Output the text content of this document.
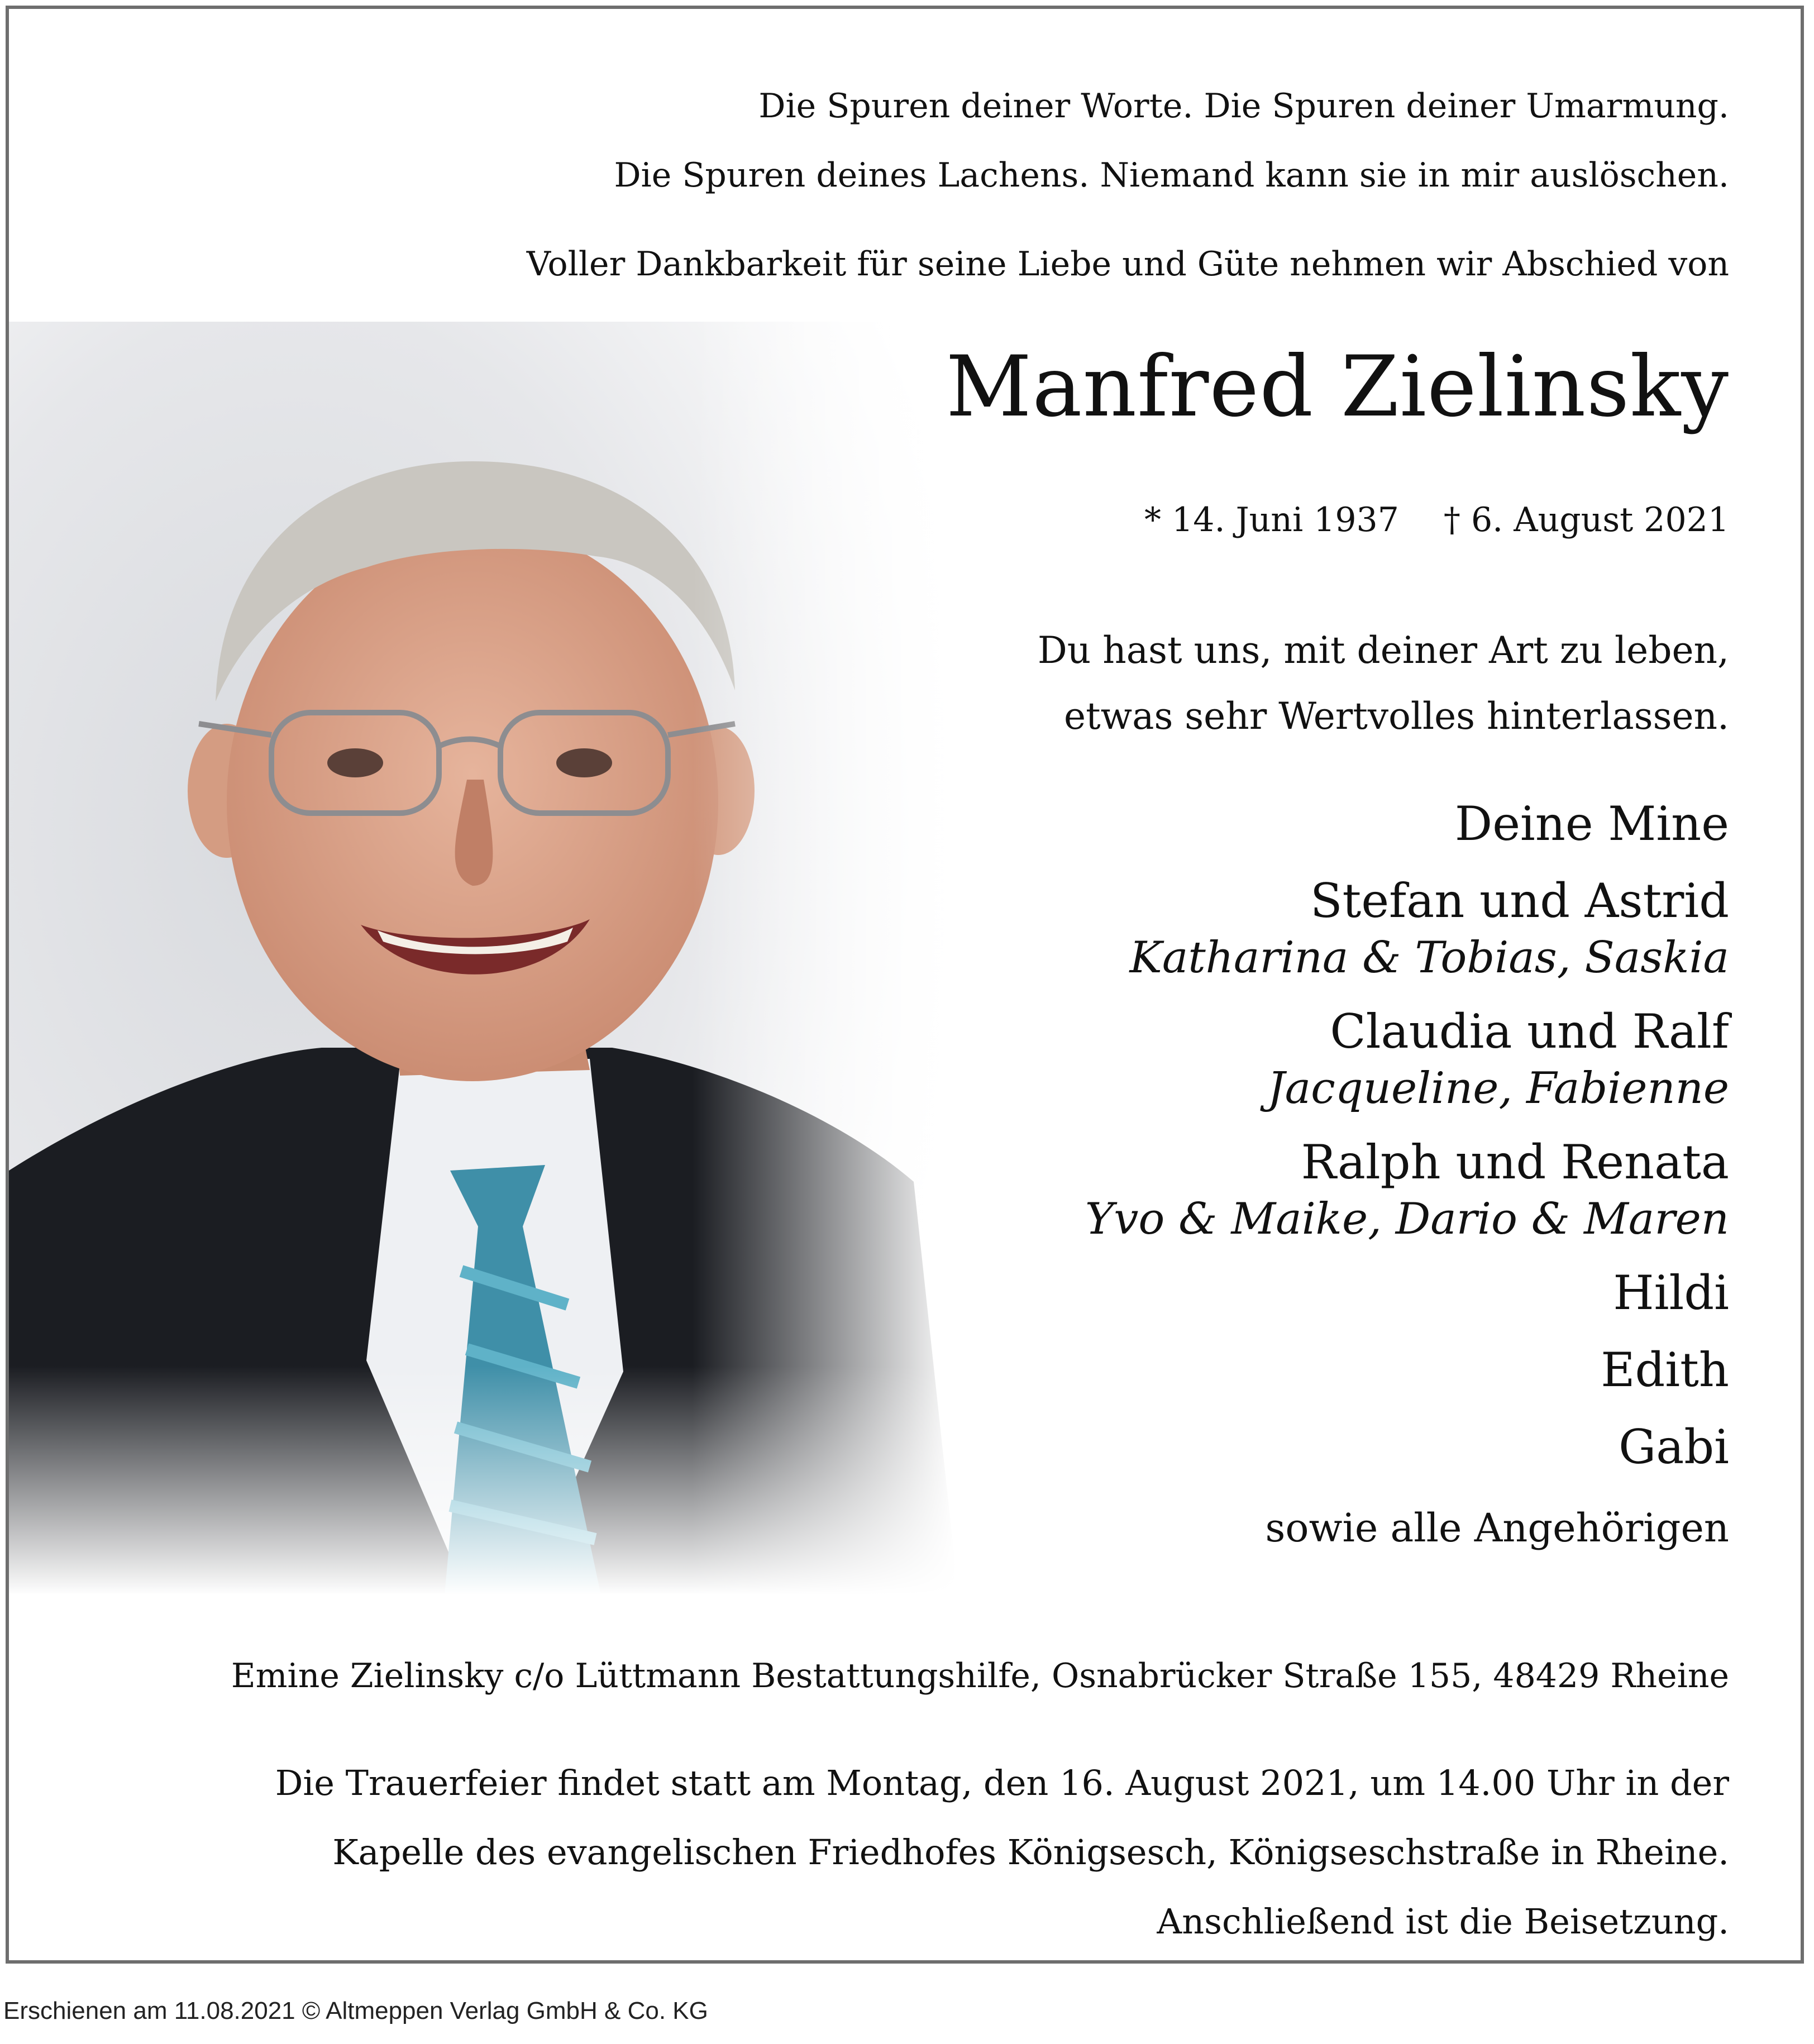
Die Spuren deiner Worte. Die Spuren deiner Umarmung.
Die Spuren deines Lachens. Niemand kann sie in mir auslöschen.
Voller Dankbarkeit für seine Liebe und Güte nehmen wir Abschied von
Manfred Zielinsky
* 14. Juni 1937 † 6. August 2021
Du hast uns, mit deiner Art zu leben,
etwas sehr Wertvolles hinterlassen.
Deine Mine
Stefan und Astrid
Katharina & Tobias, Saskia
Claudia und Ralf
Jacqueline, Fabienne
Ralph und Renata
Yvo & Maike, Dario & Maren
Hildi
Edith
Gabi
sowie alle Angehörigen
Emine Zielinsky c/o Lüttmann Bestattungshilfe, Osnabrücker Straße 155, 48429 Rheine
Die Trauerfeier findet statt am Montag, den 16. August 2021, um 14.00 Uhr in der
Kapelle des evangelischen Friedhofes Königsesch, Königseschstraße in Rheine.
Anschließend ist die Beisetzung.
Erschienen am 11.08.2021 © Altmeppen Verlag GmbH & Co. KG
